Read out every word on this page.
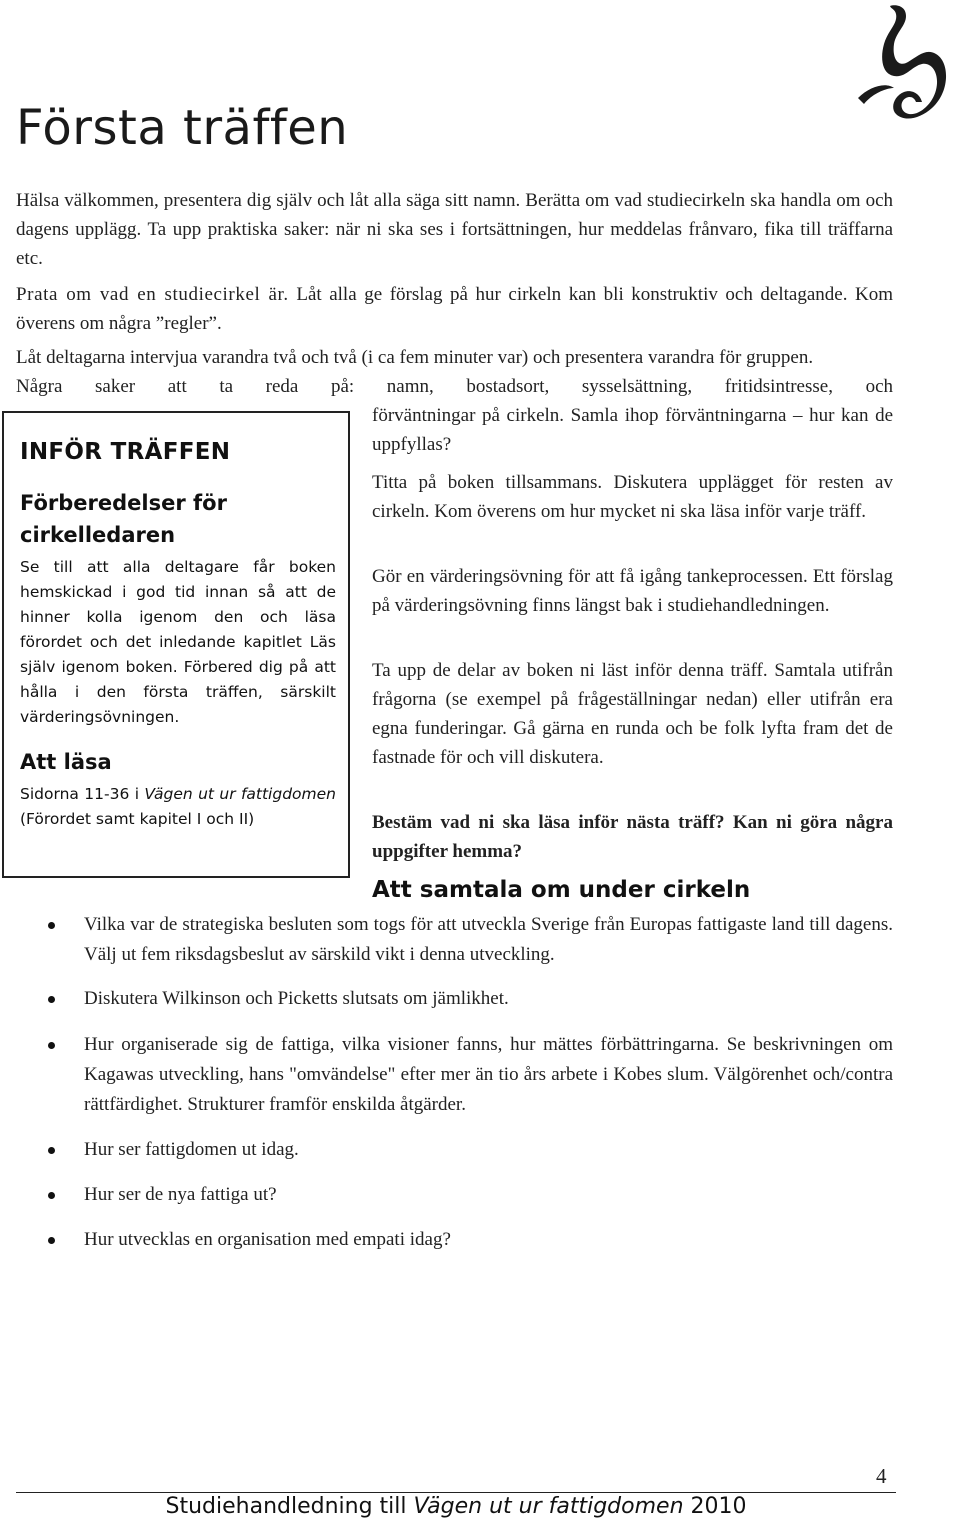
Första träffen

Hälsa välkommen, presentera dig själv och låt alla säga sitt namn. Berätta om vad studiecirkeln ska handla om och dagens upplägg. Ta upp praktiska saker: när ni ska ses i fortsättningen, hur meddelas frånvaro, fika till träffarna etc.

Prata om vad en studiecirkel är. Låt alla ge förslag på hur cirkeln kan bli konstruktiv och deltagande. Kom överens om några ”regler”.

Låt deltagarna intervjua varandra två och två (i ca fem minuter var) och presentera varandra för gruppen.

Några saker att ta reda på: namn, bostadsort, sysselsättning, fritidsintresse, och

förväntningar på cirkeln. Samla ihop förväntningarna – hur kan de uppfyllas?

Titta på boken tillsammans. Diskutera upplägget för resten av cirkeln. Kom överens om hur mycket ni ska läsa inför varje träff.

Gör en värderingsövning för att få igång tankeprocessen. Ett förslag på värderingsövning finns längst bak i studiehandledningen.

Ta upp de delar av boken ni läst inför denna träff. Samtala utifrån frågorna (se exempel på frågeställningar nedan) eller utifrån era egna funderingar. Gå gärna en runda och be folk lyfta fram det de fastnade för och vill diskutera.

Bestäm vad ni ska läsa inför nästa träff? Kan ni göra några uppgifter hemma?

INFÖR TRÄFFEN

Förberedelser för cirkelledaren

Se till att alla deltagare får boken hemskickad i god tid innan så att de hinner kolla igenom den och läsa förordet och det inledande kapitlet Läs själv igenom boken. Förbered dig på att hålla i den första träffen, särskilt värderingsövningen.

Att läsa

Sidorna 11-36 i Vägen ut ur fattigdomen (Förordet samt kapitel I och II)

Att samtala om under cirkeln
Vilka var de strategiska besluten som togs för att utveckla Sverige från Europas fattigaste land till dagens. Välj ut fem riksdagsbeslut av särskild vikt i denna utveckling.
Diskutera Wilkinson och Picketts slutsats om jämlikhet.
Hur organiserade sig de fattiga, vilka visioner fanns, hur mättes förbättringarna. Se beskrivningen om Kagawas utveckling, hans "omvändelse" efter mer än tio års arbete i Kobes slum. Välgörenhet och/contra rättfärdighet. Strukturer framför enskilda åtgärder.
Hur ser fattigdomen ut idag.
Hur ser de nya fattiga ut?
Hur utvecklas en organisation med empati idag?

4

Studiehandledning till Vägen ut ur fattigdomen 2010
